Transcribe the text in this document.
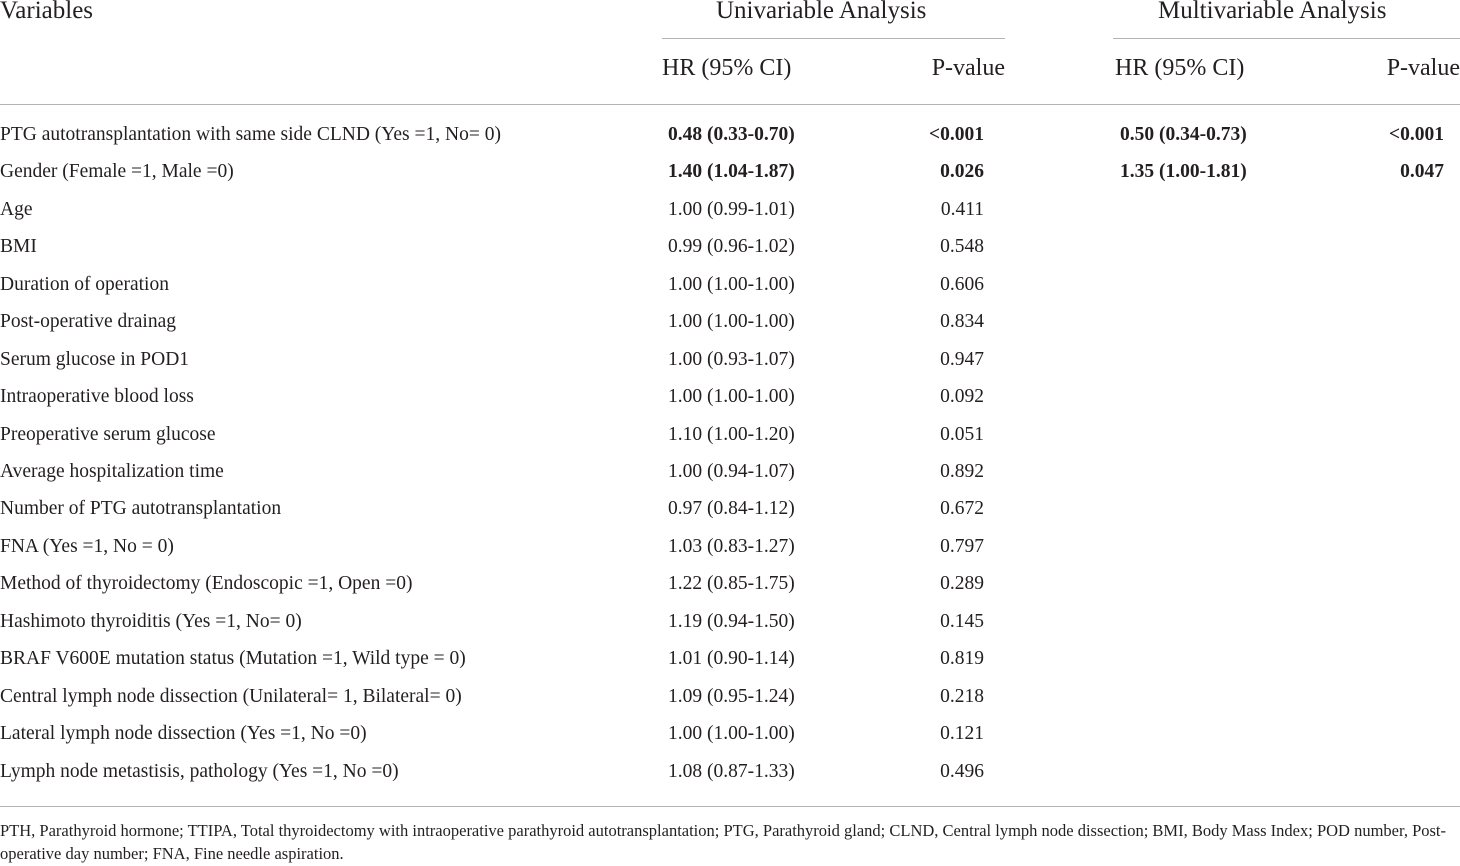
Variables	Univariable Analysis	Multivariable Analysis
HR (95% CI)	P-value	HR (95% CI)	P-value
PTG autotransplantation with same side CLND (Yes =1, No= 0)	0.48 (0.33-0.70)	<0.001	0.50 (0.34-0.73)	<0.001
Gender (Female =1, Male =0)	1.40 (1.04-1.87)	0.026	1.35 (1.00-1.81)	0.047
Age	1.00 (0.99-1.01)	0.411
BMI	0.99 (0.96-1.02)	0.548
Duration of operation	1.00 (1.00-1.00)	0.606
Post-operative drainag	1.00 (1.00-1.00)	0.834
Serum glucose in POD1	1.00 (0.93-1.07)	0.947
Intraoperative blood loss	1.00 (1.00-1.00)	0.092
Preoperative serum glucose	1.10 (1.00-1.20)	0.051
Average hospitalization time	1.00 (0.94-1.07)	0.892
Number of PTG autotransplantation	0.97 (0.84-1.12)	0.672
FNA (Yes =1, No = 0)	1.03 (0.83-1.27)	0.797
Method of thyroidectomy (Endoscopic =1, Open =0)	1.22 (0.85-1.75)	0.289
Hashimoto thyroiditis (Yes =1, No= 0)	1.19 (0.94-1.50)	0.145
BRAF V600E mutation status (Mutation =1, Wild type = 0)	1.01 (0.90-1.14)	0.819
Central lymph node dissection (Unilateral= 1, Bilateral= 0)	1.09 (0.95-1.24)	0.218
Lateral lymph node dissection (Yes =1, No =0)	1.00 (1.00-1.00)	0.121
Lymph node metastisis, pathology (Yes =1, No =0)	1.08 (0.87-1.33)	0.496
PTH, Parathyroid hormone; TTIPA, Total thyroidectomy with intraoperative parathyroid autotransplantation; PTG, Parathyroid gland; CLND, Central lymph node dissection; BMI, Body Mass Index; POD number, Post-operative day number; FNA, Fine needle aspiration.
